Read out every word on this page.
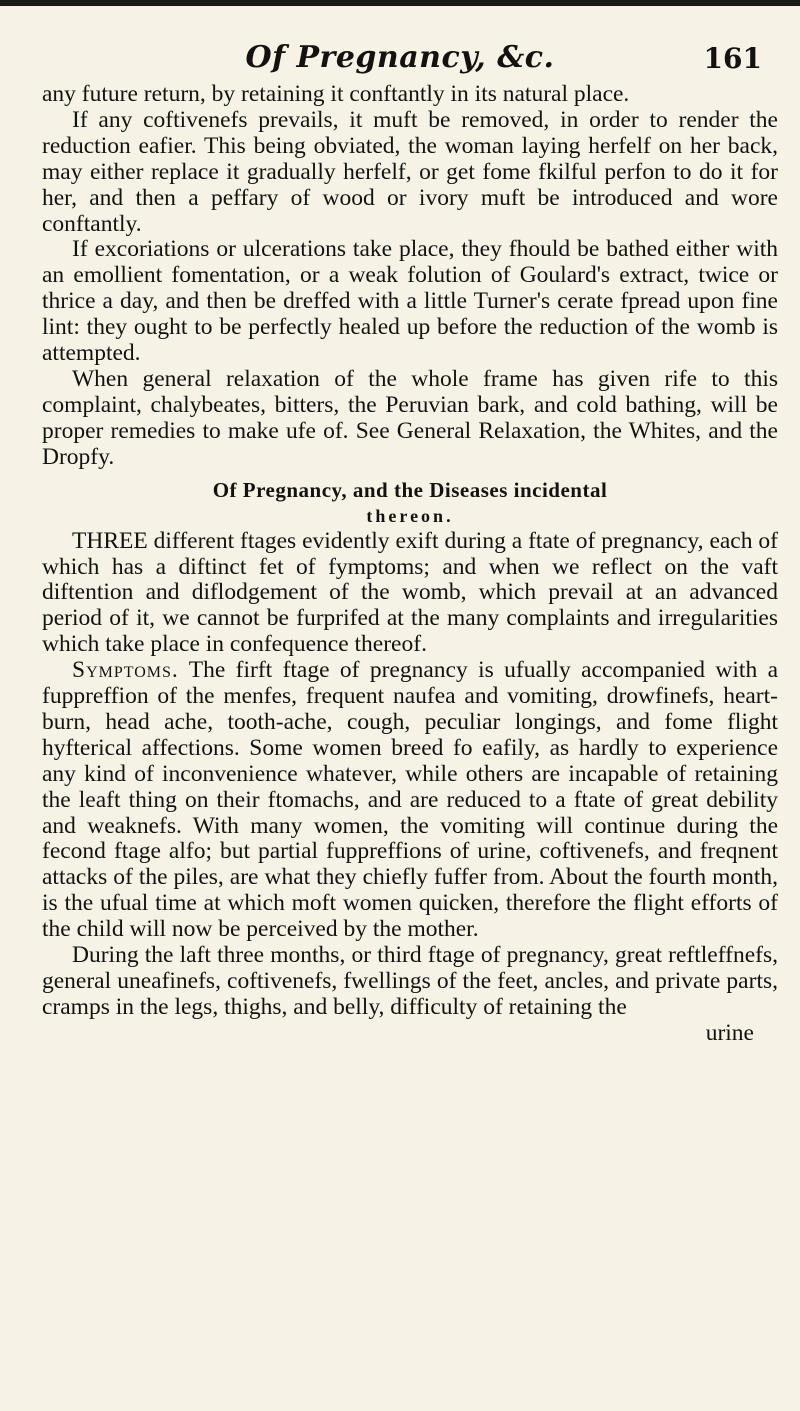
Of Pregnancy, &c.	161

any future return, by retaining it conftantly in its natural place.

If any coftivenefs prevails, it muft be removed, in order to render the reduction eafier. This being obviated, the woman laying herfelf on her back, may either replace it gradually herfelf, or get fome fkilful perfon to do it for her, and then a peffary of wood or ivory muft be introduced and wore conftantly.

If excoriations or ulcerations take place, they fhould be bathed either with an emollient fomentation, or a weak folution of Goulard's extract, twice or thrice a day, and then be dreffed with a little Turner's cerate fpread upon fine lint: they ought to be perfectly healed up before the reduction of the womb is attempted.

When general relaxation of the whole frame has given rife to this complaint, chalybeates, bitters, the Peruvian bark, and cold bathing, will be proper remedies to make ufe of. See General Relaxation, the Whites, and the Dropfy.

Of Pregnancy, and the Diseases incidental
thereon.

THREE different ftages evidently exift during a ftate of pregnancy, each of which has a diftinct fet of fymptoms; and when we reflect on the vaft diftention and diflodgement of the womb, which prevail at an advanced period of it, we cannot be furprifed at the many complaints and irregularities which take place in confequence thereof.

Symptoms. The firft ftage of pregnancy is ufually accompanied with a fuppreffion of the menfes, frequent naufea and vomiting, drowfinefs, heart-burn, head ache, tooth-ache, cough, peculiar longings, and fome flight hyfterical affections. Some women breed fo eafily, as hardly to experience any kind of inconvenience whatever, while others are incapable of retaining the leaft thing on their ftomachs, and are reduced to a ftate of great debility and weaknefs. With many women, the vomiting will continue during the fecond ftage alfo; but partial fuppreffions of urine, coftivenefs, and freqnent attacks of the piles, are what they chiefly fuffer from. About the fourth month, is the ufual time at which moft women quicken, therefore the flight efforts of the child will now be perceived by the mother.

During the laft three months, or third ftage of pregnancy, great reftleffnefs, general uneafinefs, coftivenefs, fwellings of the feet, ancles, and private parts, cramps in the legs, thighs, and belly, difficulty of retaining the

urine
